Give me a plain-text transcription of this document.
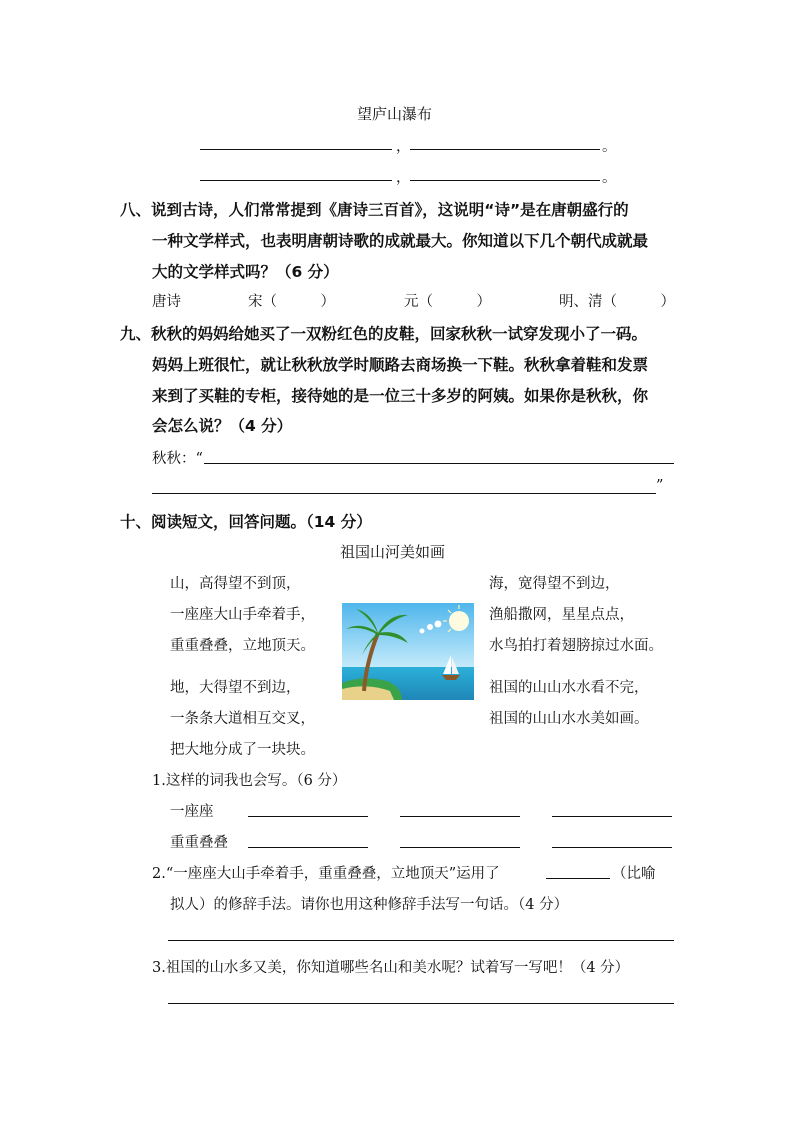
望庐山瀑布
，	。
，	。
八、说到古诗，人们常常提到《唐诗三百首》，这说明“诗”是在唐朝盛行的
一种文学样式，也表明唐朝诗歌的成就最大。你知道以下几个朝代成就最
大的文学样式吗？（6 分）
唐诗	宋（　　　）	元（　　　）	明、清（　　　）
九、秋秋的妈妈给她买了一双粉红色的皮鞋，回家秋秋一试穿发现小了一码。
妈妈上班很忙，就让秋秋放学时顺路去商场换一下鞋。秋秋拿着鞋和发票
来到了买鞋的专柜，接待她的是一位三十多岁的阿姨。如果你是秋秋，你
会怎么说？（4 分）
秋秋：“
”
十、阅读短文，回答问题。（14 分）
祖国山河美如画
山，高得望不到顶，
一座座大山手牵着手，
重重叠叠，立地顶天。
地，大得望不到边，
一条条大道相互交叉，
把大地分成了一块块。
海，宽得望不到边，
渔船撒网，星星点点，
水鸟拍打着翅膀掠过水面。
祖国的山山水水看不完，
祖国的山山水水美如画。
1.这样的词我也会写。（6 分）
一座座
重重叠叠
2.“一座座大山手牵着手，重重叠叠，立地顶天”运用了	（比喻
拟人）的修辞手法。请你也用这种修辞手法写一句话。（4 分）
3.祖国的山水多又美，你知道哪些名山和美水呢？试着写一写吧！（4 分）
